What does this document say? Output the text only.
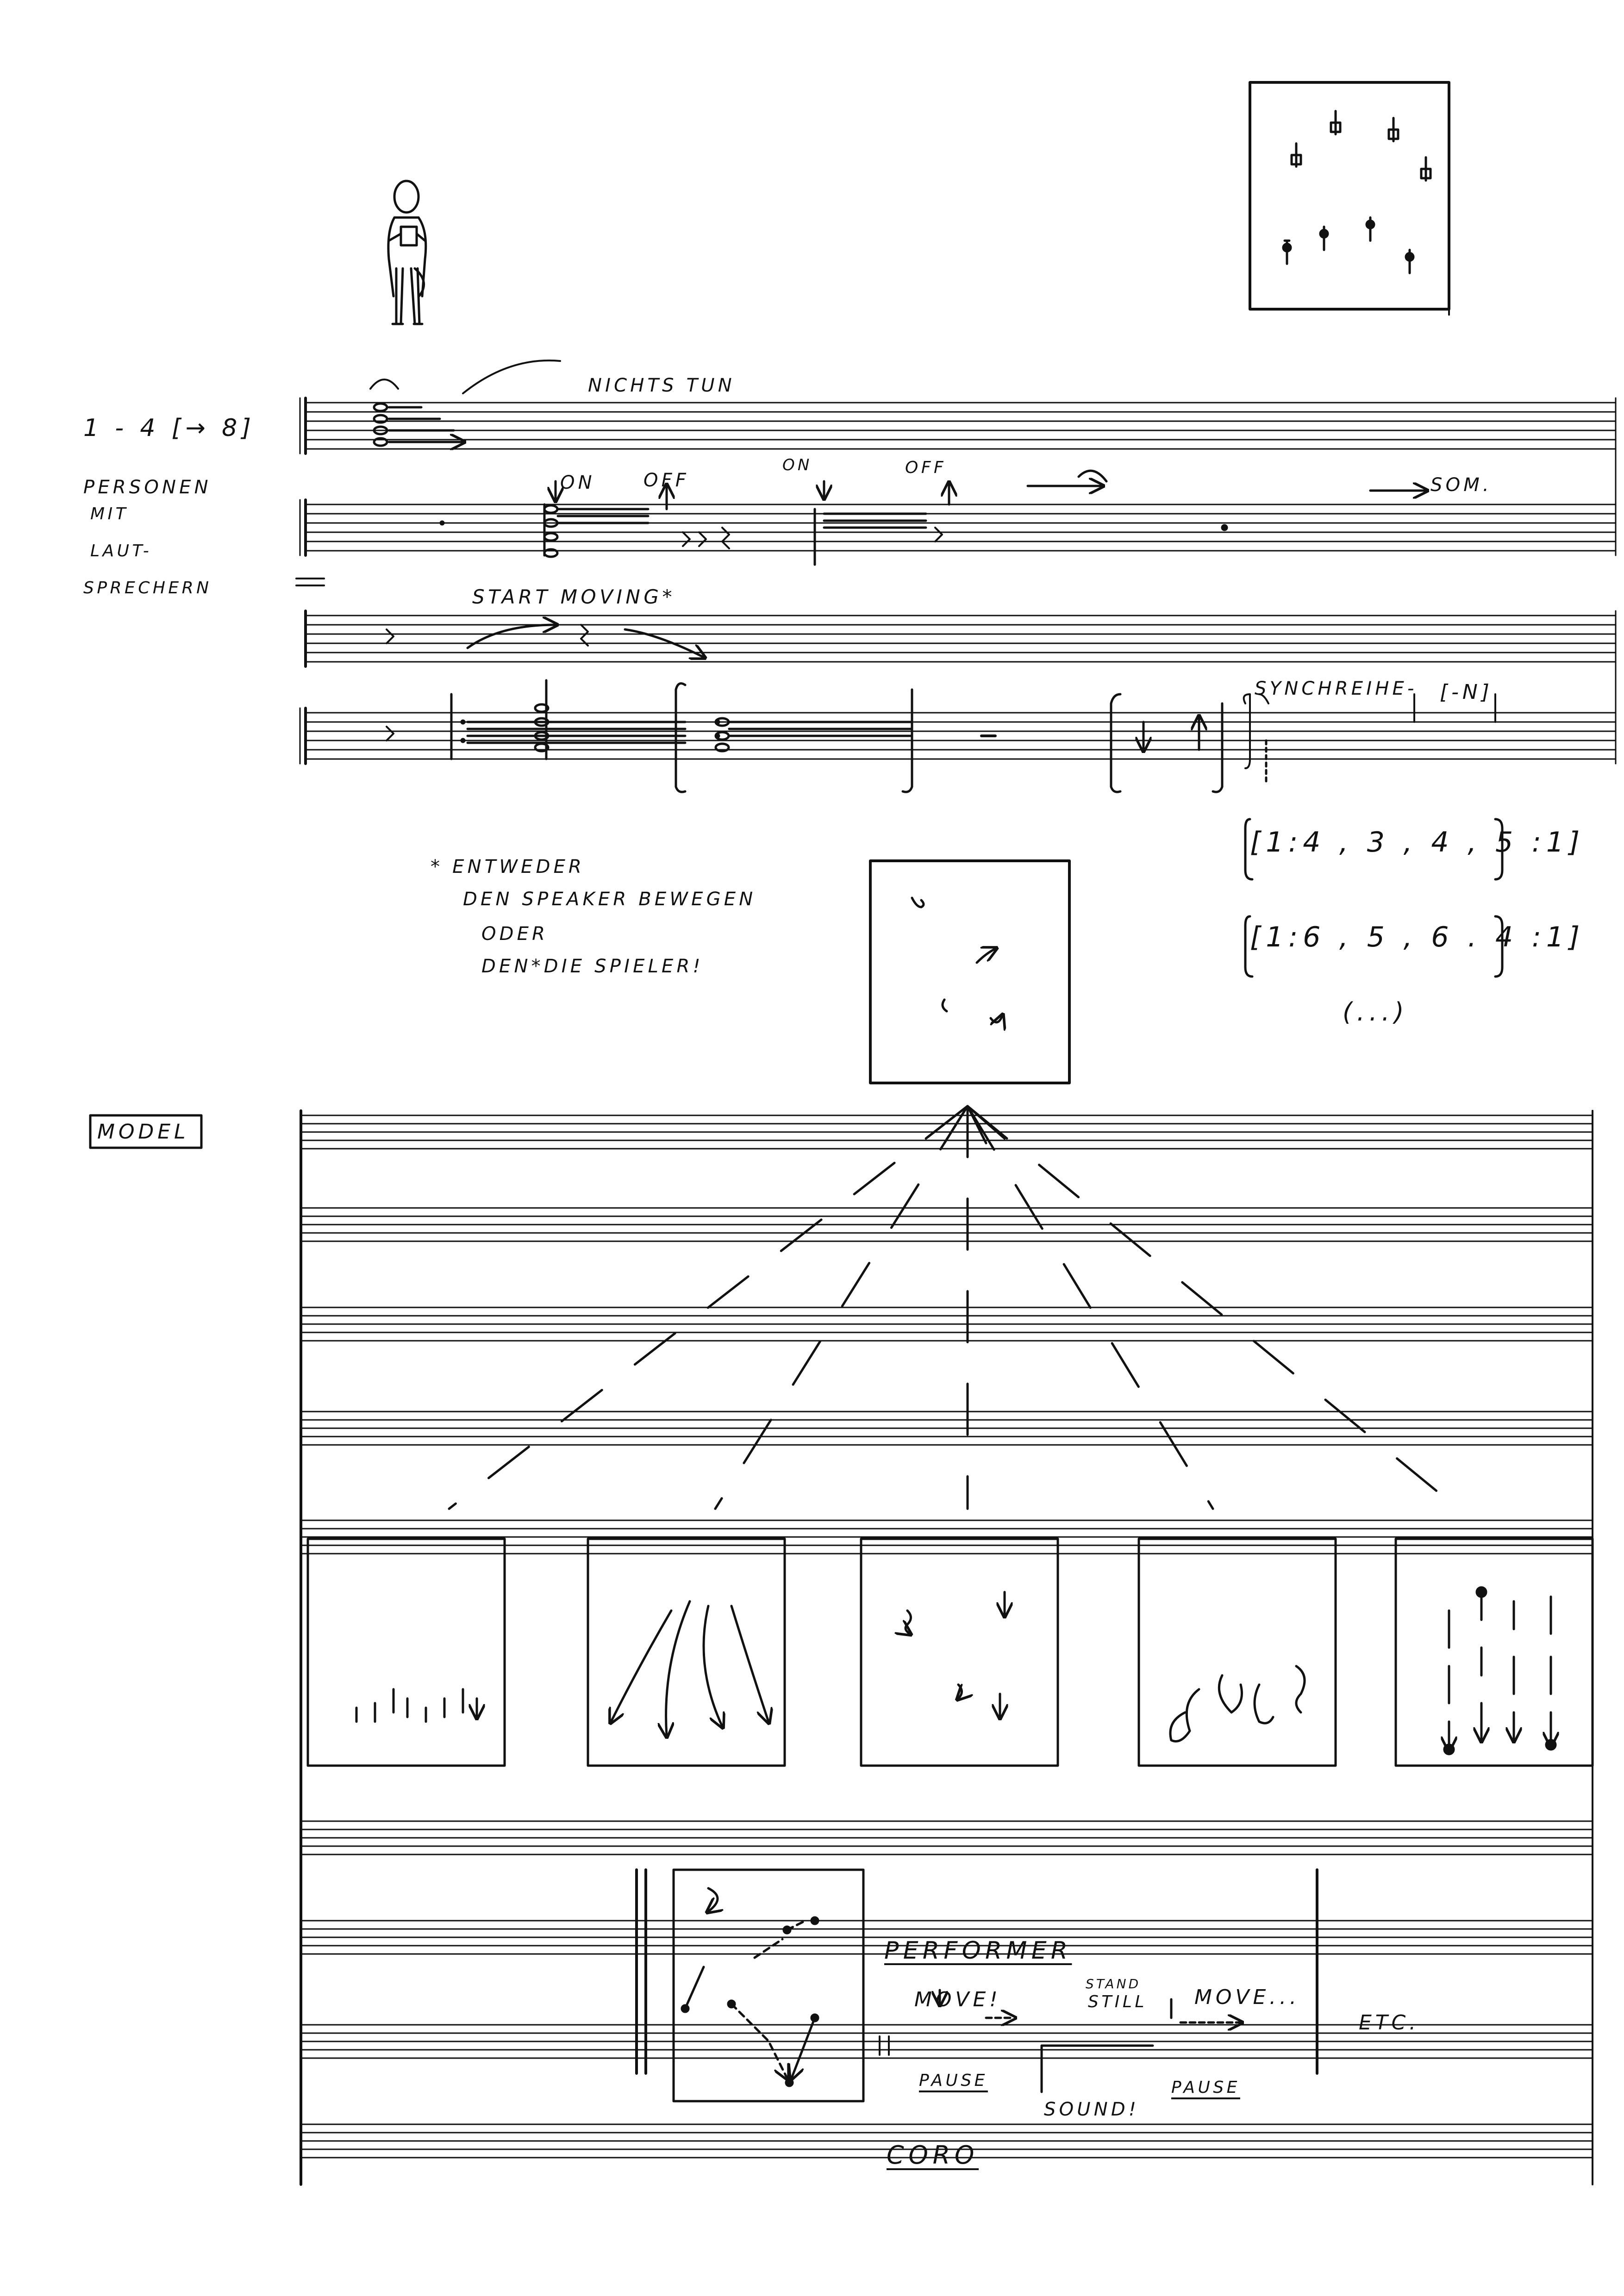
1 - 4 [→ 8]
PERSONEN
MIT
LAUT-
SPRECHERN
NICHTS TUN
ON	OFF
ON	OFF
SOM.
START MOVING*
SYNCHREIHE- [-N]
[1:4 , 3 , 4 , 5 :1]
[1:6 , 5 , 6 . 4 :1]
(...)
* ENTWEDER
DEN SPEAKER BEWEGEN
ODER
DEN*DIE SPIELER!
MODEL
PERFORMER
MOVE!
STAND
STILL MOVE...
ETC.
PAUSE
SOUND!
PAUSE
CORO
